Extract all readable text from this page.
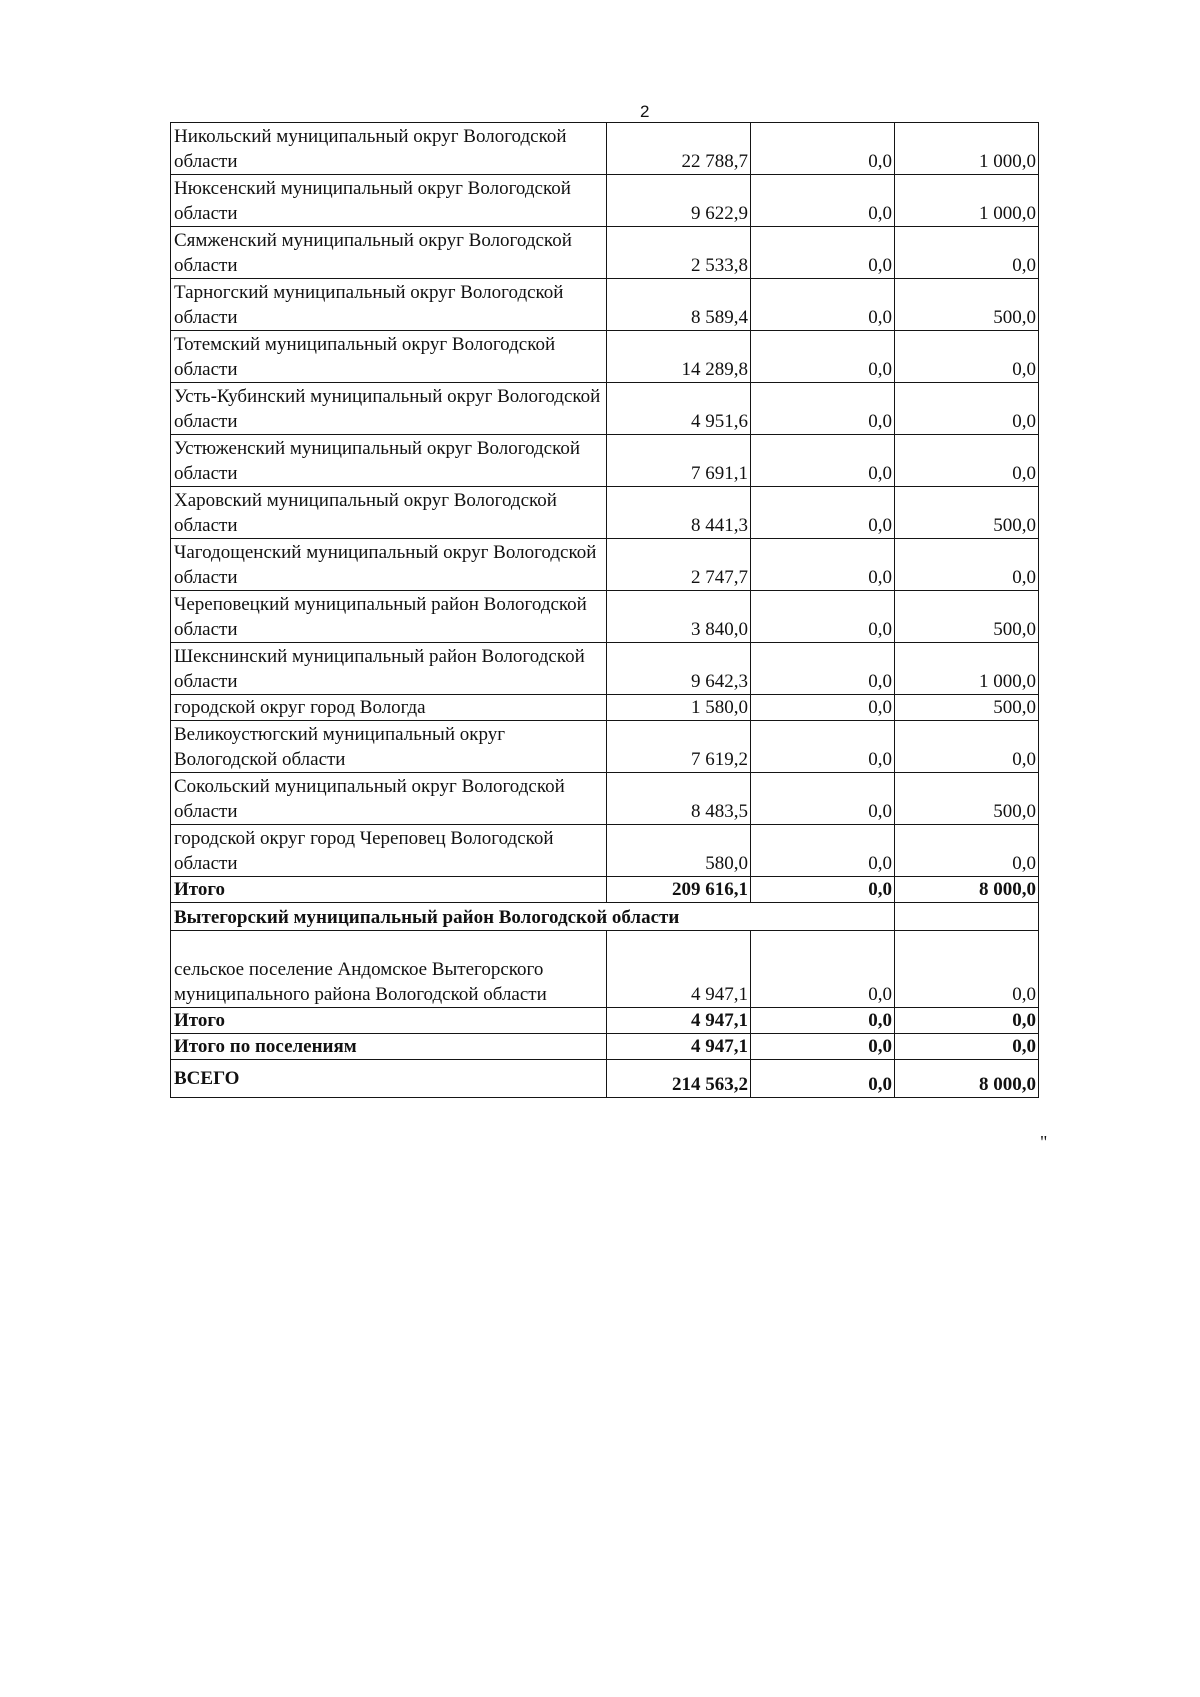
2
Никольский муниципальный округ Вологодской области	22 788,7	0,0	1 000,0
Нюксенский муниципальный округ Вологодской области	9 622,9	0,0	1 000,0
Сямженский муниципальный округ Вологодской области	2 533,8	0,0	0,0
Тарногский муниципальный округ Вологодской области	8 589,4	0,0	500,0
Тотемский муниципальный округ Вологодской области	14 289,8	0,0	0,0
Усть-Кубинский муниципальный округ Вологодской области	4 951,6	0,0	0,0
Устюженский муниципальный округ Вологодской области	7 691,1	0,0	0,0
Харовский муниципальный округ Вологодской области	8 441,3	0,0	500,0
Чагодощенский муниципальный округ Вологодской области	2 747,7	0,0	0,0
Череповецкий муниципальный район Вологодской области	3 840,0	0,0	500,0
Шекснинский муниципальный район Вологодской области	9 642,3	0,0	1 000,0
городской округ город Вологда	1 580,0	0,0	500,0
Великоустюгский муниципальный округ Вологодской области	7 619,2	0,0	0,0
Сокольский муниципальный округ Вологодской области	8 483,5	0,0	500,0
городской округ город Череповец Вологодской области	580,0	0,0	0,0
Итого	209 616,1	0,0	8 000,0
Вытегорский муниципальный район Вологодской области			
сельское поселение Андомское Вытегорского муниципального района Вологодской области	4 947,1	0,0	0,0
Итого	4 947,1	0,0	0,0
Итого по поселениям	4 947,1	0,0	0,0
ВСЕГО	214 563,2	0,0	8 000,0
"
